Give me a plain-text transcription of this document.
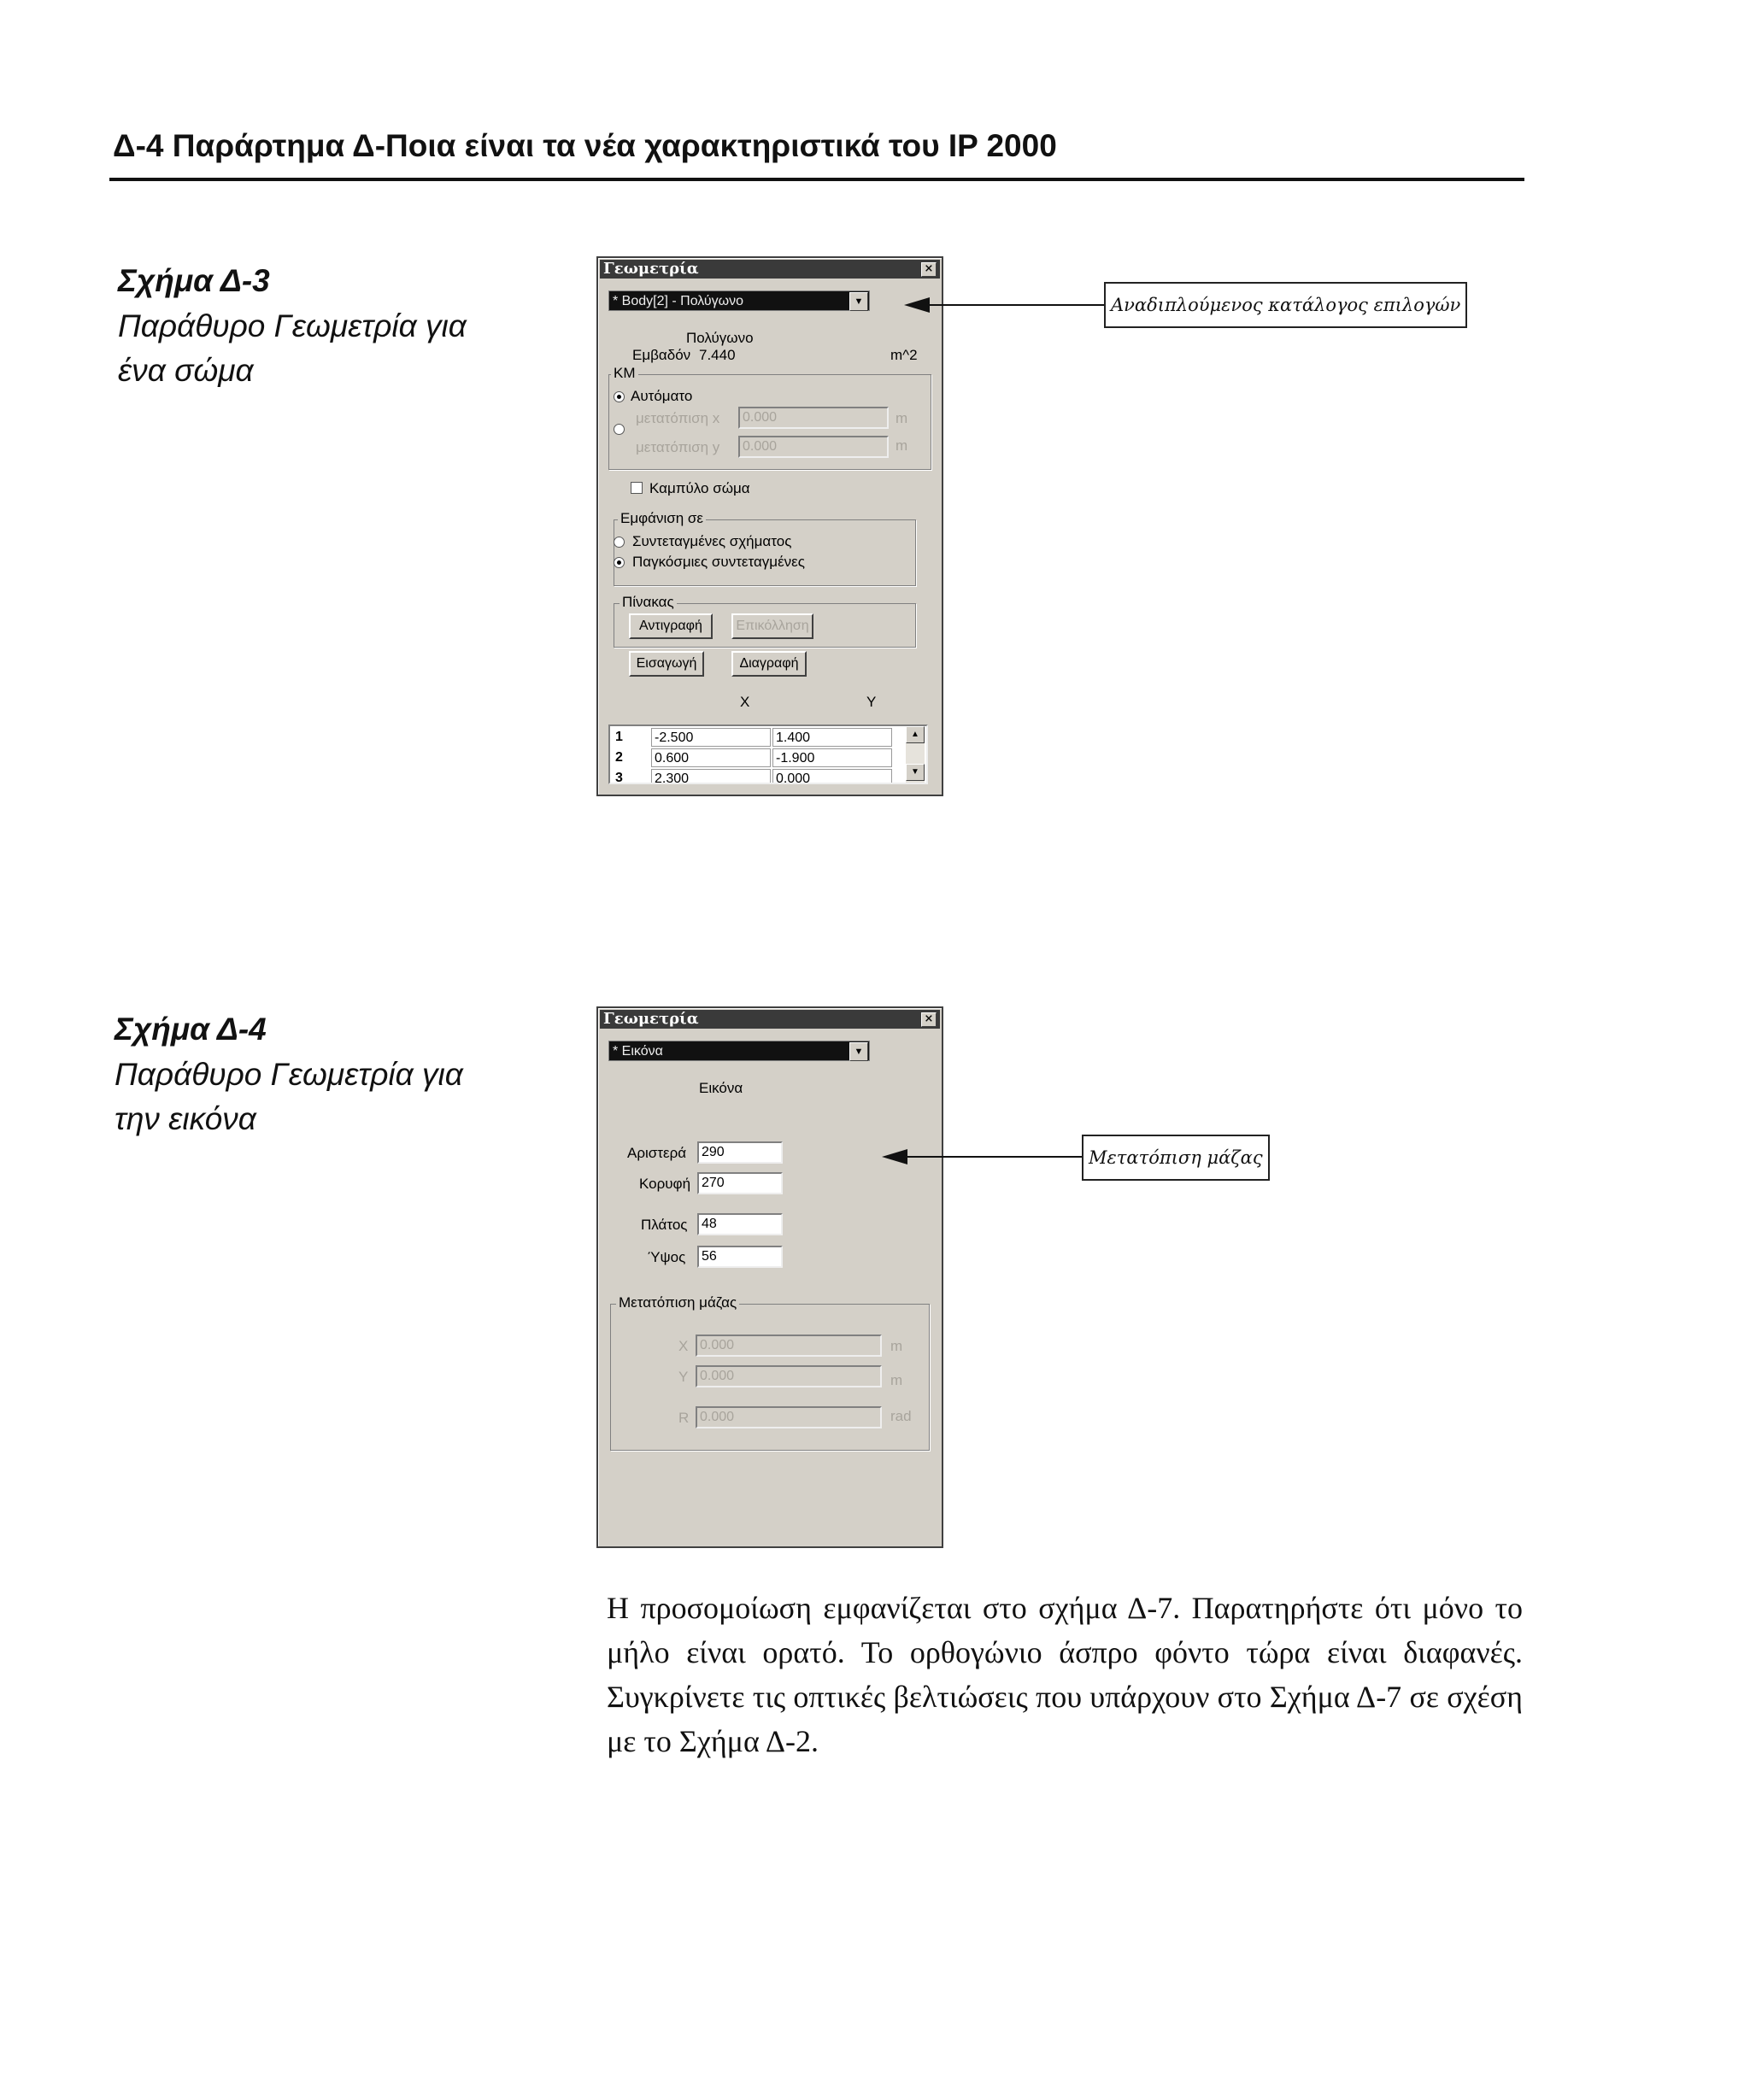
Δ-4 Παράρτημα Δ-Ποια είναι τα νέα χαρακτηριστικά του IP 2000
Σχήμα Δ-3
Παράθυρο Γεωμετρία για
ένα σώμα
Γεωμετρία	×
* Body[2] - Πολύγωνο	▼
Πολύγωνο
Εμβαδόν 7.440	m^2
KM
Αυτόματο
μετατόπιση x	0.000	m
μετατόπιση y	0.000	m
Καμπύλο σώμα
Εμφάνιση σε
Συντεταγμένες σχήματος
Παγκόσμιες συντεταγμένες
Πίνακας
Αντιγραφή	Επικόλληση
Εισαγωγή	Διαγραφή
X	Y
1 -2.500	1.400
2 0.600	-1.900
3 2.300	0.000
▲
▼
Αναδιπλούμενος κατάλογος επιλογών
Σχήμα Δ-4
Παράθυρο Γεωμετρία για
την εικόνα
Γεωμετρία	×
* Εικόνα	▼
Εικόνα
Αριστερά	290
Κορυφή 270
Πλάτος	48
Ύψος	56
Μετατόπιση μάζας
X 0.000	m
Y 0.000	m
R 0.000	rad
Μετατόπιση μάζας
Η προσομοίωση εμφανίζεται στο σχήμα Δ-7. Παρατηρήστε ότι μόνο το μήλο είναι ορατό. Το ορθογώνιο άσπρο φόντο τώρα είναι διαφανές. Συγκρίνετε τις οπτικές βελτιώσεις που υπάρχουν στο Σχήμα Δ-7 σε σχέση με το Σχήμα Δ-2.
